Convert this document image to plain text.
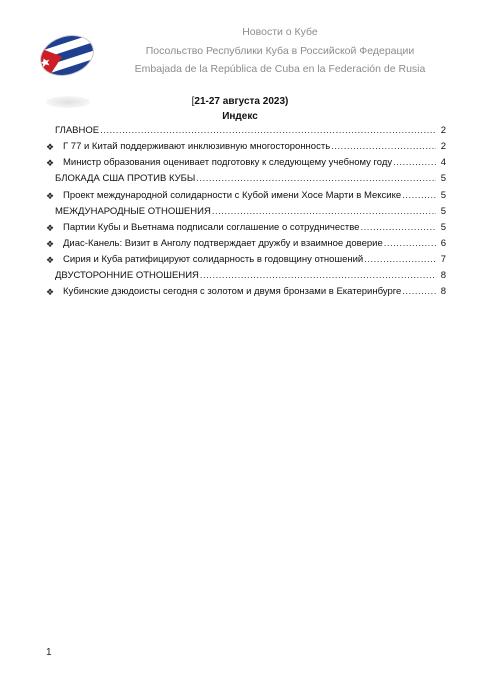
Новости о Кубе
Посольство Республики Куба в Российской Федерации
Embajada de la República de Cuba en la Federación de Rusia
[21-27 августа 2023)
Индекс
ГЛАВНОЕ .....	2
❖ Г 77 и Китай поддерживают инклюзивную многосторонность .....	2
❖ Министр образования оценивает подготовку к следующему учебному году .....	4
БЛОКАДА США ПРОТИВ КУБЫ .....	5
❖ Проект международной солидарности с Кубой имени Хосе Марти в Мексике .....	5
МЕЖДУНАРОДНЫЕ ОТНОШЕНИЯ .....	5
❖ Партии Кубы и Вьетнама подписали соглашение о сотрудничестве .....	5
❖ Диас-Канель: Визит в Анголу подтверждает дружбу и взаимное доверие .....	6
❖ Сирия и Куба ратифицируют солидарность в годовщину отношений .....	7
ДВУСТОРОННИЕ ОТНОШЕНИЯ .....	8
❖ Кубинские дзюдоисты сегодня с золотом и двумя бронзами в Екатеринбурге .....	8
1
